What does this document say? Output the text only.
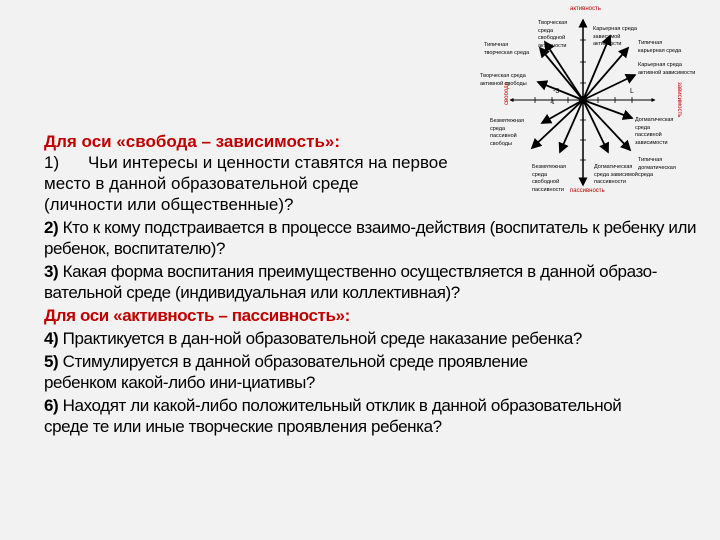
активность
пассивность
свобода	зависимость
-3
-1
L
Творческая среда свободной активности
Карьерная среда зависимой активности
Типичная творческая среда
Типичная карьерная среда
Творческая среда активной свободы
Карьерная среда активной зависимости
Безмятежная среда пассивной свободы
Безмятежная среда свободной пассивности
Догматическая среда зависимой пассивности
Догматическая среда пассивной зависимости
Типичная догматическая среда

Для оси «свобода – зависимость»:

1) Чьи интересы и ценности ставятся на первое

место в данной образовательной среде

(личности или общественные)?

2) Кто к кому подстраивается в процессе взаимо-действия (воспитатель к ребенку или ребенок, воспитателю)?

3) Какая форма воспитания преимущественно осуществляется в данной образо-вательной среде (индивидуальная или коллективная)?

Для оси «активность – пассивность»:

4) Практикуется в дан-ной образовательной среде наказание ребенка?

5) Стимулируется в данной образовательной среде проявление ребенком какой-либо ини-циативы?

6) Находят ли какой-либо положительный отклик в данной образовательной среде те или иные творческие проявления ребенка?
